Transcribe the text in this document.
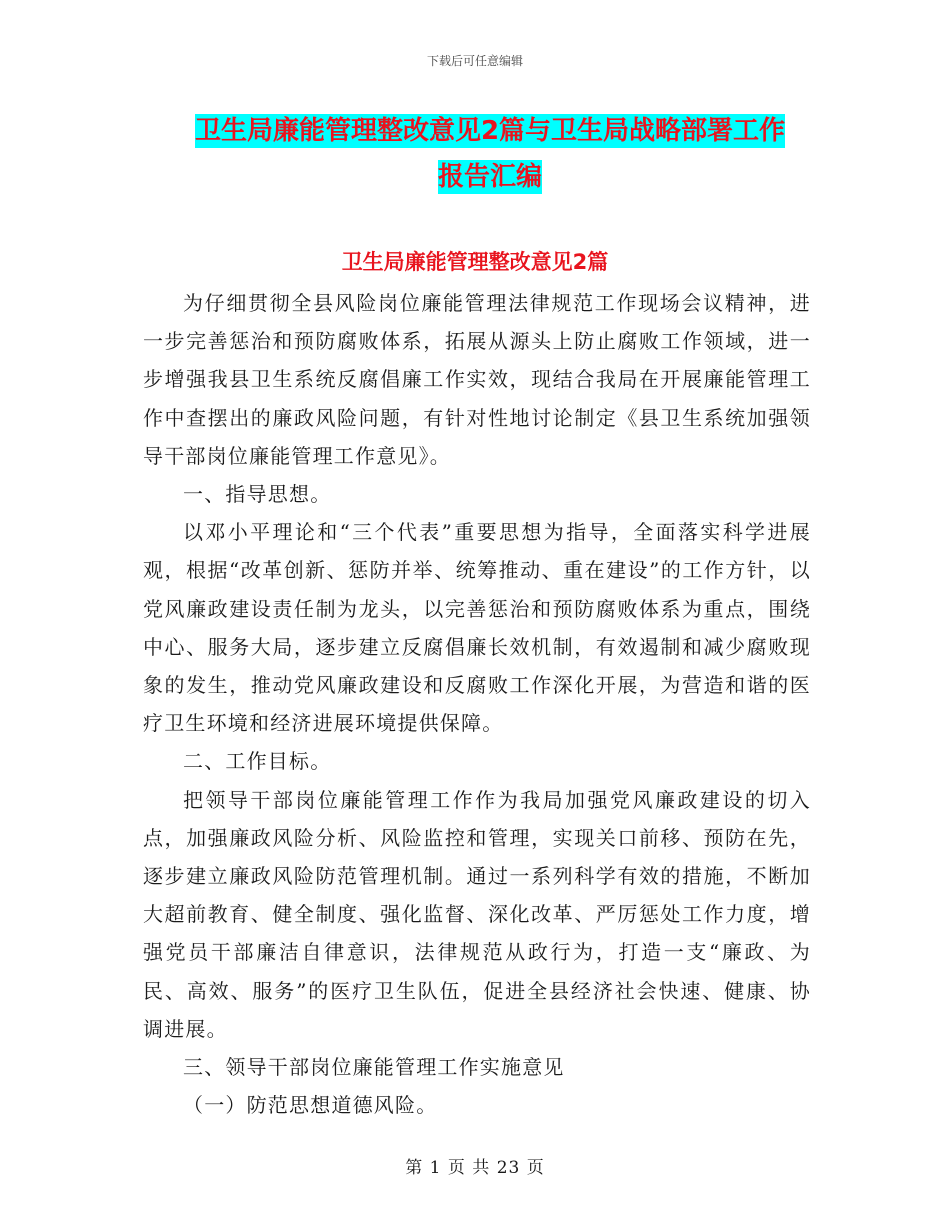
下载后可任意编辑
卫生局廉能管理整改意见2篇与卫生局战略部署工作
报告汇编
卫生局廉能管理整改意见2篇

为仔细贯彻全县风险岗位廉能管理法律规范工作现场会议精神，进一步完善惩治和预防腐败体系，拓展从源头上防止腐败工作领域，进一步增强我县卫生系统反腐倡廉工作实效，现结合我局在开展廉能管理工作中查摆出的廉政风险问题，有针对性地讨论制定《县卫生系统加强领导干部岗位廉能管理工作意见》。

一、指导思想。

以邓小平理论和“三个代表”重要思想为指导，全面落实科学进展观，根据“改革创新、惩防并举、统筹推动、重在建设”的工作方针，以党风廉政建设责任制为龙头，以完善惩治和预防腐败体系为重点，围绕中心、服务大局，逐步建立反腐倡廉长效机制，有效遏制和减少腐败现象的发生，推动党风廉政建设和反腐败工作深化开展，为营造和谐的医疗卫生环境和经济进展环境提供保障。

二、工作目标。

把领导干部岗位廉能管理工作作为我局加强党风廉政建设的切入点，加强廉政风险分析、风险监控和管理，实现关口前移、预防在先，逐步建立廉政风险防范管理机制。通过一系列科学有效的措施，不断加大超前教育、健全制度、强化监督、深化改革、严厉惩处工作力度，增强党员干部廉洁自律意识，法律规范从政行为，打造一支“廉政、为民、高效、服务”的医疗卫生队伍，促进全县经济社会快速、健康、协调进展。

三、领导干部岗位廉能管理工作实施意见

（一）防范思想道德风险。

第 1 页 共 23 页
